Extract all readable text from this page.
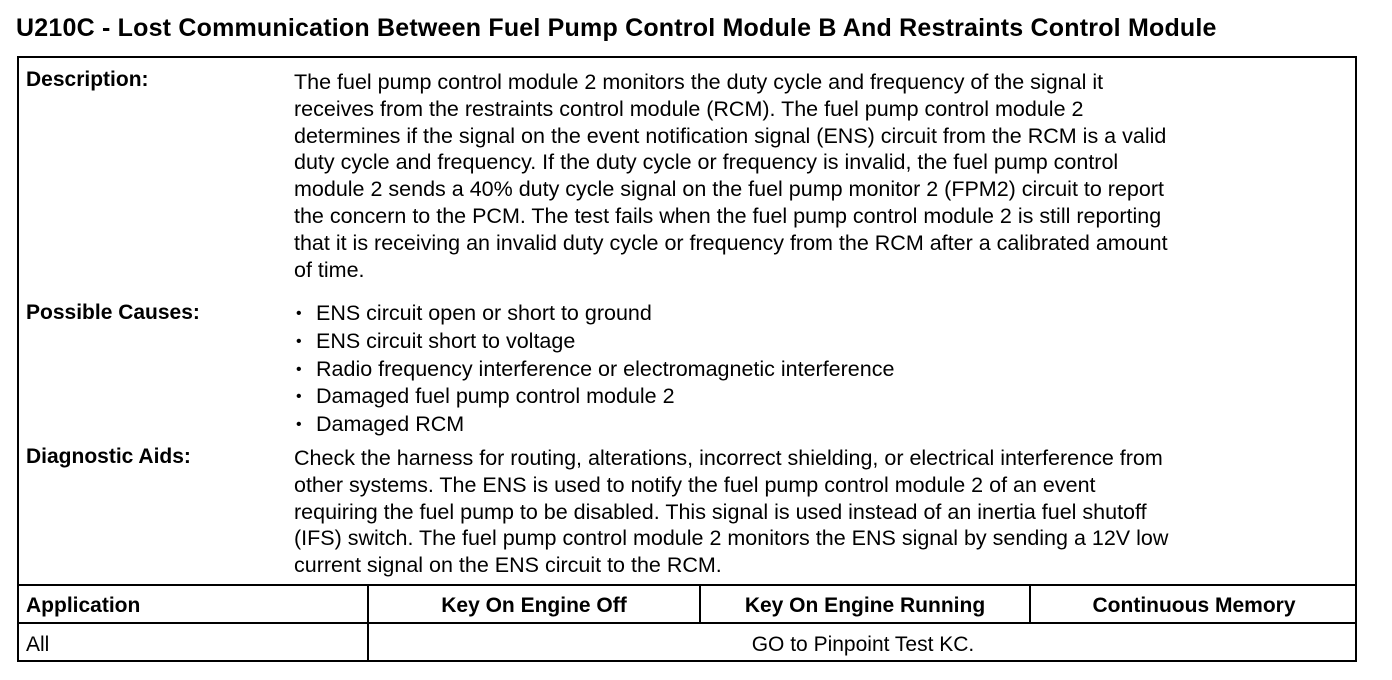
U210C - Lost Communication Between Fuel Pump Control Module B And Restraints Control Module
Description:	The fuel pump control module 2 monitors the duty cycle and frequency of the signal it
receives from the restraints control module (RCM). The fuel pump control module 2
determines if the signal on the event notification signal (ENS) circuit from the RCM is a valid
duty cycle and frequency. If the duty cycle or frequency is invalid, the fuel pump control
module 2 sends a 40% duty cycle signal on the fuel pump monitor 2 (FPM2) circuit to report
the concern to the PCM. The test fails when the fuel pump control module 2 is still reporting
that it is receiving an invalid duty cycle or frequency from the RCM after a calibrated amount
of time.
Possible Causes:
•	ENS circuit open or short to ground
• ENS circuit short to voltage
• Radio frequency interference or electromagnetic interference
• Damaged fuel pump control module 2
• Damaged RCM
Diagnostic Aids:	Check the harness for routing, alterations, incorrect shielding, or electrical interference from
other systems. The ENS is used to notify the fuel pump control module 2 of an event
requiring the fuel pump to be disabled. This signal is used instead of an inertia fuel shutoff
(IFS) switch. The fuel pump control module 2 monitors the ENS signal by sending a 12V low
current signal on the ENS circuit to the RCM.
Application	Key On Engine Off	Key On Engine Running	Continuous Memory
All	GO to Pinpoint Test KC.
